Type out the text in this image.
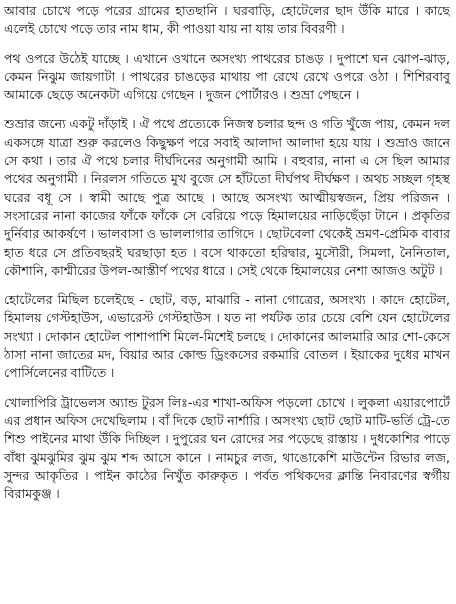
আবার চোখে পড়ে পরের গ্রামের হাতছানি । ঘরবাড়ি, হোটেলের ছাদ উঁকি মারে । কাছে এলেই চোখে পড়ে তার নাম ধাম, কী পাওয়া যায় না যায় তার বিবরণী ।

পথ ওপরে উঠেই যাচ্ছে । এখানে ওখানে অসংখ্য পাথরের চাঙড় । দুপাশে ঘন ঝোপ-ঝাড়, কেমন নিঝুম জায়গাটা । পাথরের চাঙড়ের মাথায় পা রেখে রেখে ওপরে ওঠা । শিশিরবাবু আমাকে ছেড়ে অনেকটা এগিয়ে গেছেন । দুজন পোর্টারও । শুভ্রা পেছনে ।

শুভ্রার জন্যে একটু দাঁড়াই । ঐ পথে প্রত্যেকে নিজস্ব চলার ছন্দ ও গতি খুঁজে পায়, কেমন দল একসঙ্গে যাত্রা শুরু করলেও কিছুক্ষণ পরে সবাই আলাদা আলাদা হয়ে যায় । শুভ্রাও জানে সে কথা । তার ঐ পথে চলার দীর্ঘদিনের অনুগামী আমি । বহুবার, নানা এ সে ছিল আমার পথের অনুগামী । নিরলস গতিতে মুখ বুজে সে হাঁটতো দীর্ঘপথ দীর্ঘক্ষণ । অথচ সচ্ছল গৃহস্থ ঘরের বধূ সে । স্বামী আছে পুত্র আছে । আছে অসংখ্য আত্মীয়স্বজন, প্রিয় পরিজন । সংসারের নানা কাজের ফাঁকে ফাঁকে সে বেরিয়ে পড়ে হিমালয়ের নাড়িছেঁড়া টানে । প্রকৃতির দুর্নিবার আকর্ষণে । ভালবাসা ও ভাললাগার তাগিদে । ছোটবেলা থেকেই ভ্রমণ-প্রেমিক বাবার হাত ধরে সে প্রতিবছরই ঘরছাড়া হত । বসে থাকতো হরিদ্বার, মুসৌরী, সিমলা, নৈনিতাল, কৌশানি, কাশ্মীরের উপল-আস্তীর্ণ পথের ধারে । সেই থেকে হিমালয়ের নেশা আজও অটুট ।

হোটেলের মিছিল চলেইছে - ছোট, বড়, মাঝারি - নানা গোত্রের, অসংখ্য । কাদে হোটেল, হিমালয় গেস্টহাউস, এভারেস্ট গেস্টহাউস । যত না পর্যটক তার চেয়ে বেশি যেন হোটেলের সংখ্যা । দোকান হোটেল পাশাপাশি মিলে-মিশেই চলছে । দোকানের আলমারি আর শো-কেসে ঠাসা নানা জাতের মদ, বিয়ার আর কোল্ড ড্রিংকসের রকমারি বোতল । ইয়াকের দুধের মাখন পোর্সিলেনের বাটিতে ।

খোলাপিরি ট্রাভেলস অ্যান্ড টুরস লিঃ-এর শাখা-অফিস পড়লো চোখে । লুকলা এয়ারপোর্টে এর প্রধান অফিস দেখেছিলাম । বাঁ দিকে ছোট নার্শারি । অসংখ্য ছোট ছোট মাটি-ভর্তি ট্রে-তে শিশু পাইনের মাথা উঁকি দিচ্ছিল । দুপুরের ঘন রোদের সর পড়েছে রাস্তায় । দুধকোশির পাড়ে বাঁধা ঝুমঝুমির ঝুম ঝুম শব্দ আসে কানে । নামচুর লজ, থাঙোকেশি মাউন্টেন রিভার লজ, সুন্দর আকৃতির । পাইন কাঠের নিখুঁত কারুকৃত । পর্বত পথিকদের ক্লান্তি নিবারণের স্বর্গীয় বিরামকুঞ্জ ।
